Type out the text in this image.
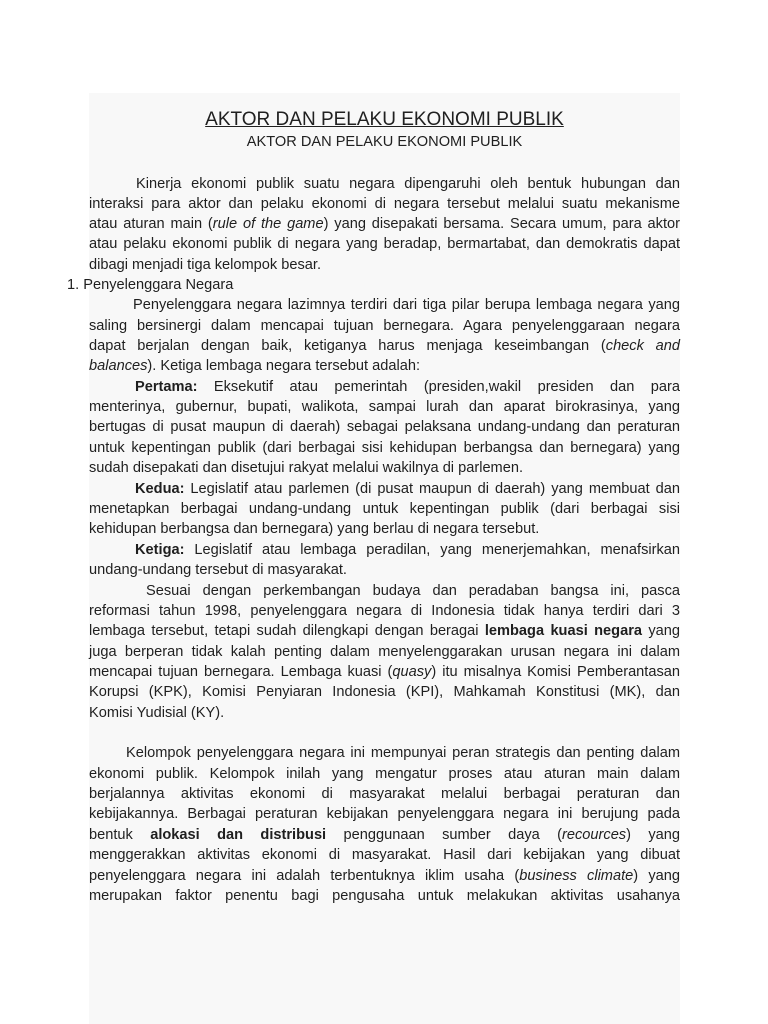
AKTOR DAN PELAKU EKONOMI PUBLIK
AKTOR DAN PELAKU EKONOMI PUBLIK
Kinerja ekonomi publik suatu negara dipengaruhi oleh bentuk hubungan dan
interaksi para aktor dan pelaku ekonomi di negara tersebut melalui suatu mekanisme
atau aturan main (rule of the game) yang disepakati bersama. Secara umum, para aktor
atau pelaku ekonomi publik di negara yang beradap, bermartabat, dan demokratis dapat
dibagi menjadi tiga kelompok besar.
1. Penyelenggara Negara
Penyelenggara negara lazimnya terdiri dari tiga pilar berupa lembaga negara yang
saling bersinergi dalam mencapai tujuan bernegara. Agara penyelenggaraan negara
dapat berjalan dengan baik, ketiganya harus menjaga keseimbangan (check and
balances). Ketiga lembaga negara tersebut adalah:
Pertama: Eksekutif atau pemerintah (presiden,wakil presiden dan para
menterinya, gubernur, bupati, walikota, sampai lurah dan aparat birokrasinya, yang
bertugas di pusat maupun di daerah) sebagai pelaksana undang-undang dan peraturan
untuk kepentingan publik (dari berbagai sisi kehidupan berbangsa dan bernegara) yang
sudah disepakati dan disetujui rakyat melalui wakilnya di parlemen.
Kedua: Legislatif atau parlemen (di pusat maupun di daerah) yang membuat dan
menetapkan berbagai undang-undang untuk kepentingan publik (dari berbagai sisi
kehidupan berbangsa dan bernegara) yang berlau di negara tersebut.
Ketiga: Legislatif atau lembaga peradilan, yang menerjemahkan, menafsirkan
undang-undang tersebut di masyarakat.
Sesuai dengan perkembangan budaya dan peradaban bangsa ini, pasca
reformasi tahun 1998, penyelenggara negara di Indonesia tidak hanya terdiri dari 3
lembaga tersebut, tetapi sudah dilengkapi dengan beragai lembaga kuasi negara yang
juga berperan tidak kalah penting dalam menyelenggarakan urusan negara ini dalam
mencapai tujuan bernegara. Lembaga kuasi (quasy) itu misalnya Komisi Pemberantasan
Korupsi (KPK), Komisi Penyiaran Indonesia (KPI), Mahkamah Konstitusi (MK), dan
Komisi Yudisial (KY).
Kelompok penyelenggara negara ini mempunyai peran strategis dan penting dalam
ekonomi publik. Kelompok inilah yang mengatur proses atau aturan main dalam
berjalannya aktivitas ekonomi di masyarakat melalui berbagai peraturan dan
kebijakannya. Berbagai peraturan kebijakan penyelenggara negara ini berujung pada
bentuk alokasi dan distribusi penggunaan sumber daya (recources) yang
menggerakkan aktivitas ekonomi di masyarakat. Hasil dari kebijakan yang dibuat
penyelenggara negara ini adalah terbentuknya iklim usaha (business climate) yang
merupakan faktor penentu bagi pengusaha untuk melakukan aktivitas usahanya
